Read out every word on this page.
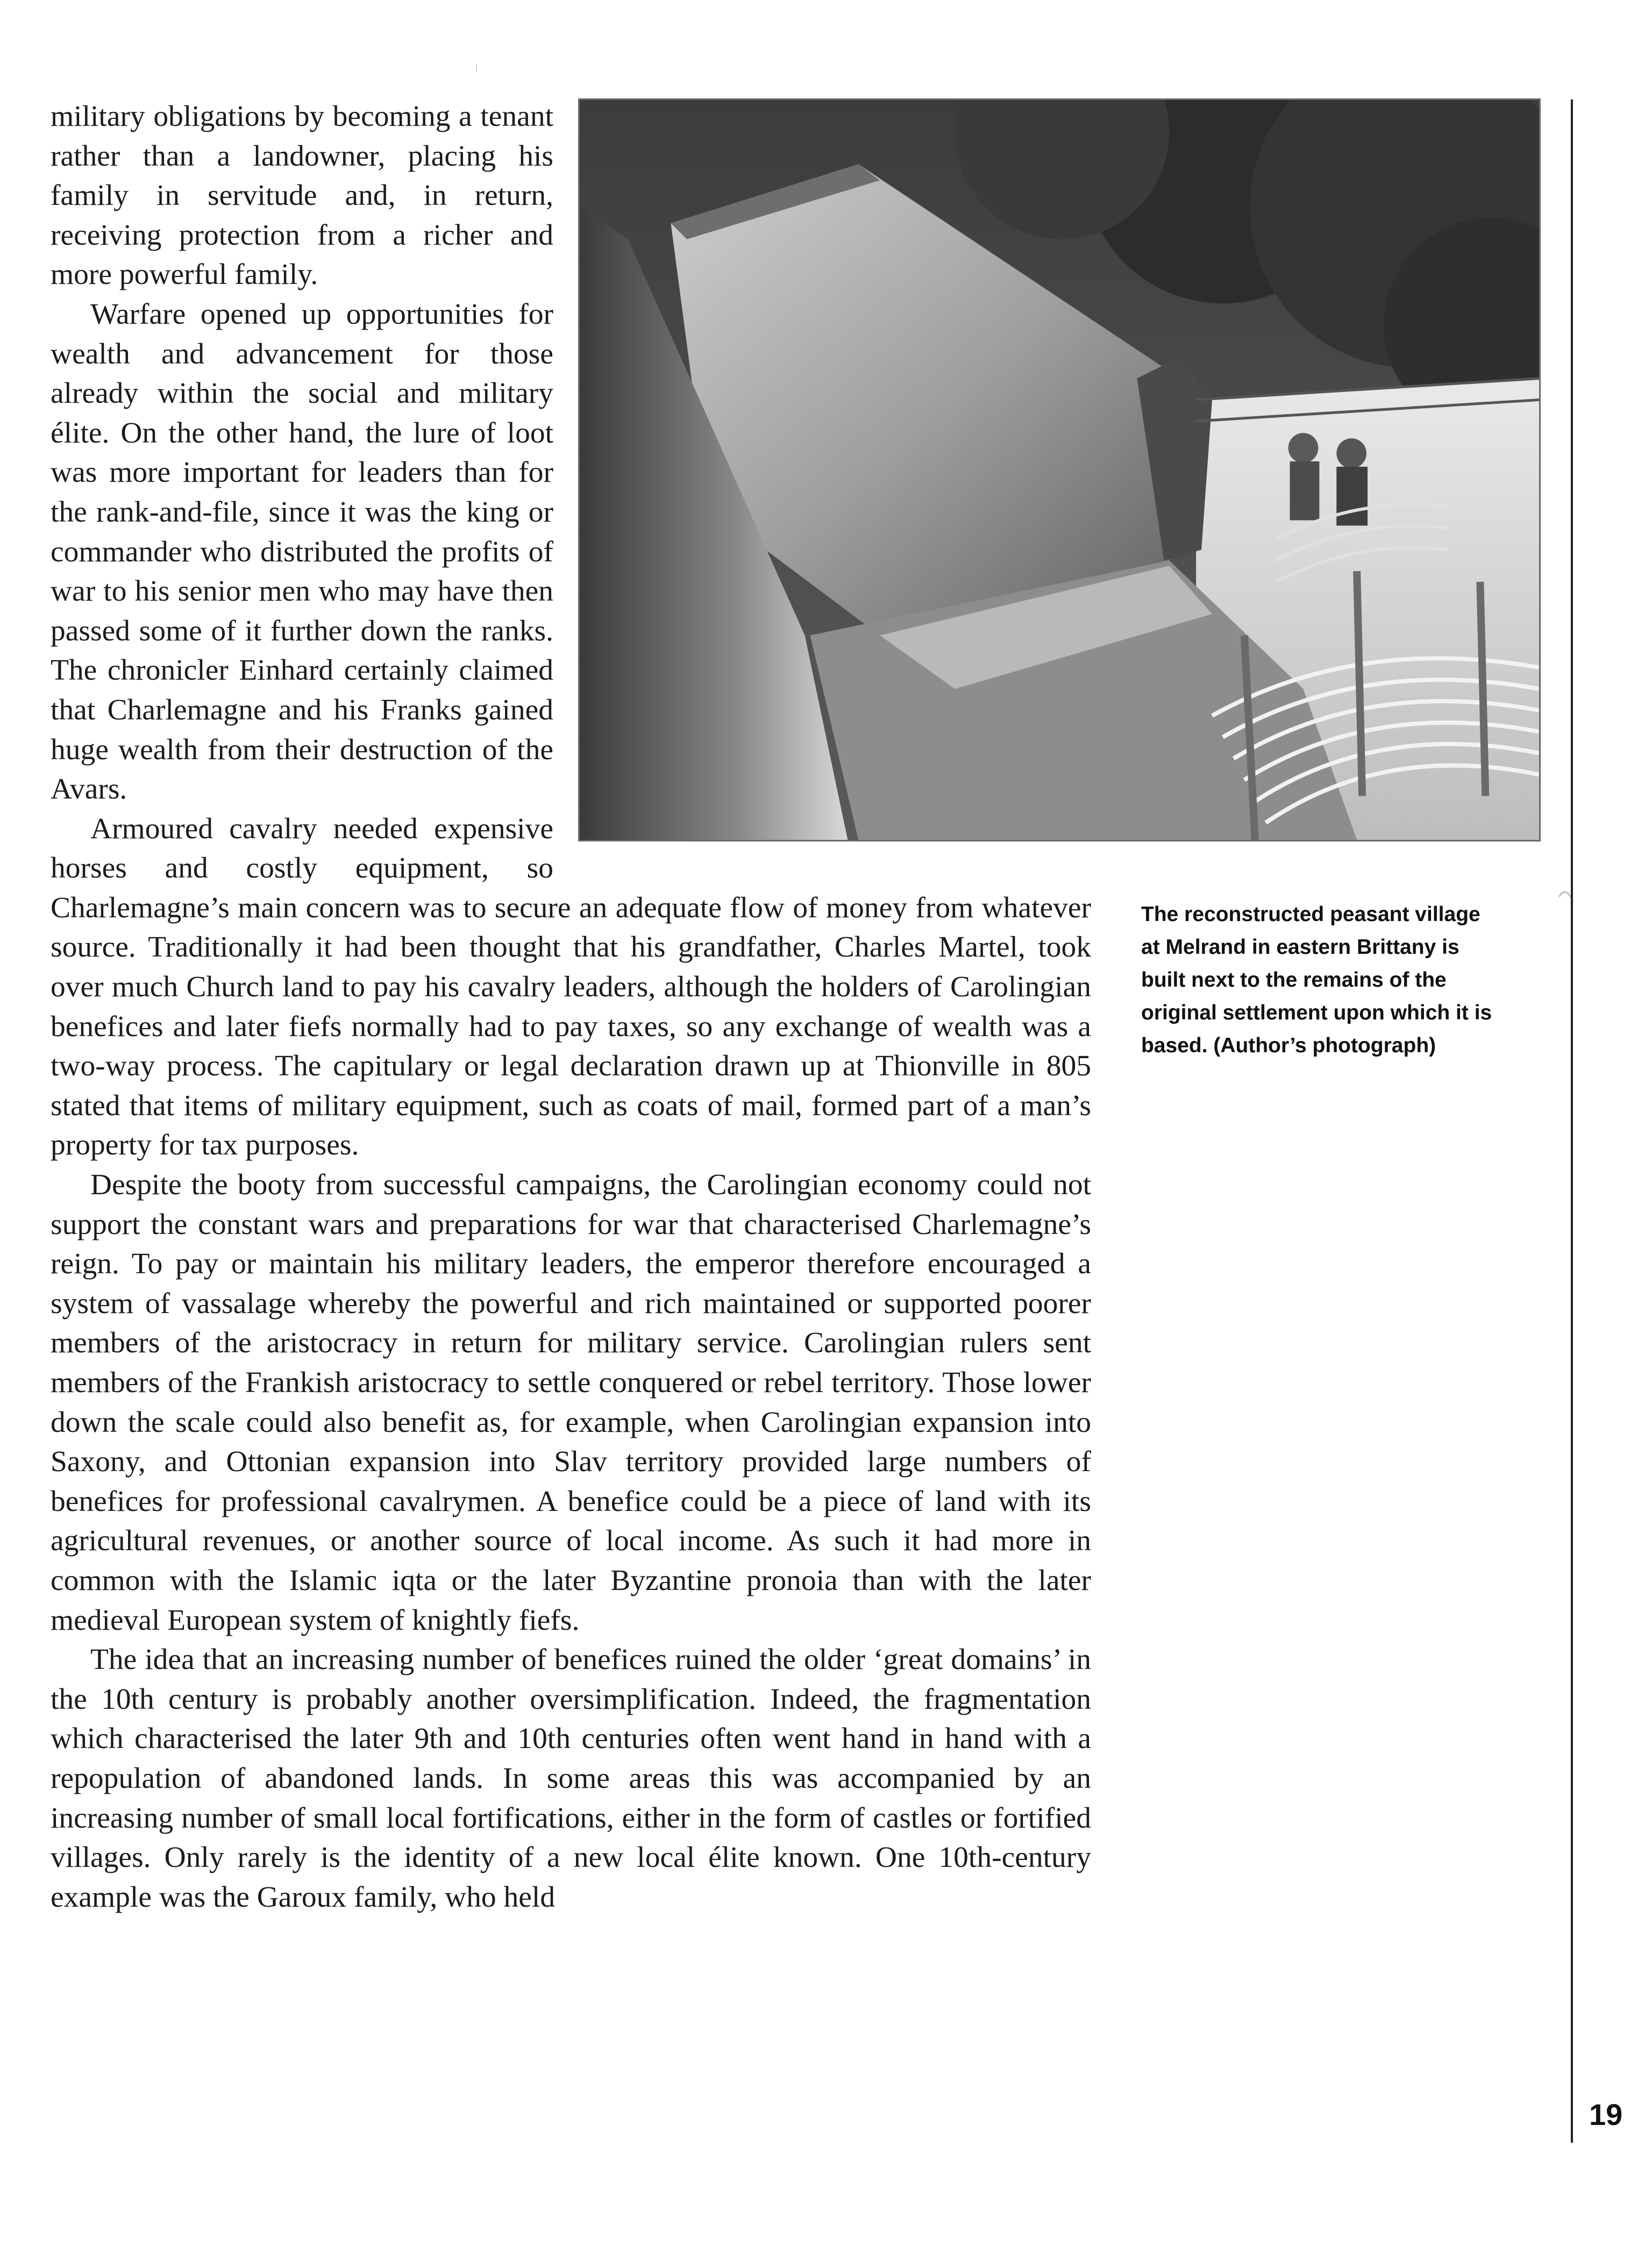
military obligations by becoming a tenant rather than a landowner, placing his family in servitude and, in return, receiving protection from a richer and more powerful family.

Warfare opened up opportunities for wealth and advancement for those already within the social and military élite. On the other hand, the lure of loot was more important for leaders than for the rank-and-file, since it was the king or commander who distributed the profits of war to his senior men who may have then passed some of it further down the ranks. The chronicler Einhard certainly claimed that Charlemagne and his Franks gained huge wealth from their destruction of the Avars.

Armoured cavalry needed expensive horses and costly equipment, so Charlemagne’s main concern was to secure an adequate flow of money from whatever source. Traditionally it had been thought that his grandfather, Charles Martel, took over much Church land to pay his cavalry leaders, although the holders of Carolingian benefices and later fiefs normally had to pay taxes, so any exchange of wealth was a two-way process. The capitulary or legal declaration drawn up at Thionville in 805 stated that items of military equipment, such as coats of mail, formed part of a man’s property for tax purposes.

Despite the booty from successful campaigns, the Carolingian economy could not support the constant wars and preparations for war that characterised Charlemagne’s reign. To pay or maintain his military leaders, the emperor therefore encouraged a system of vassalage whereby the powerful and rich maintained or supported poorer members of the aristocracy in return for military service. Carolingian rulers sent members of the Frankish aristocracy to settle conquered or rebel territory. Those lower down the scale could also benefit as, for example, when Carolingian expansion into Saxony, and Ottonian expansion into Slav territory provided large numbers of benefices for professional cavalrymen. A benefice could be a piece of land with its agricultural revenues, or another source of local income. As such it had more in common with the Islamic iqta or the later Byzantine pronoia than with the later medieval European system of knightly fiefs.

The idea that an increasing number of benefices ruined the older ‘great domains’ in the 10th century is probably another oversimplification. Indeed, the fragmentation which characterised the later 9th and 10th centuries often went hand in hand with a repopulation of abandoned lands. In some areas this was accompanied by an increasing number of small local fortifications, either in the form of castles or fortified villages. Only rarely is the identity of a new local élite known. One 10th-century example was the Garoux family, who held

The reconstructed peasant village at Melrand in eastern Brittany is built next to the remains of the original settlement upon which it is based. (Author’s photograph)
19
